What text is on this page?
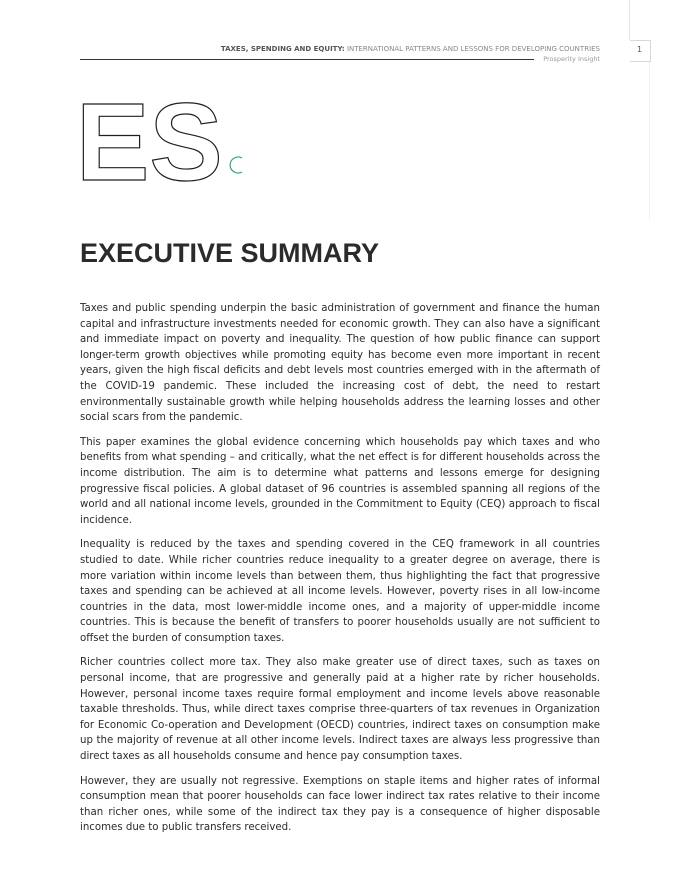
TAXES, SPENDING AND EQUITY: INTERNATIONAL PATTERNS AND LESSONS FOR DEVELOPING COUNTRIES
Prosperity Insight
1
ES
EXECUTIVE SUMMARY

Taxes and public spending underpin the basic administration of government and finance the human capital and infrastructure investments needed for economic growth. They can also have a significant and immediate impact on poverty and inequality. The question of how public finance can support longer-term growth objectives while promoting equity has become even more important in recent years, given the high fiscal deficits and debt levels most countries emerged with in the aftermath of the COVID-19 pandemic. These included the increasing cost of debt, the need to restart environmentally sustainable growth while helping households address the learning losses and other social scars from the pandemic.

This paper examines the global evidence concerning which households pay which taxes and who benefits from what spending – and critically, what the net effect is for different households across the income distribution. The aim is to determine what patterns and lessons emerge for designing progressive fiscal policies. A global dataset of 96 countries is assembled spanning all regions of the world and all national income levels, grounded in the Commitment to Equity (CEQ) approach to fiscal incidence.

Inequality is reduced by the taxes and spending covered in the CEQ framework in all countries studied to date. While richer countries reduce inequality to a greater degree on average, there is more variation within income levels than between them, thus highlighting the fact that progressive taxes and spending can be achieved at all income levels. However, poverty rises in all low-income countries in the data, most lower-middle income ones, and a majority of upper-middle income countries. This is because the benefit of transfers to poorer households usually are not sufficient to offset the burden of consumption taxes.

Richer countries collect more tax. They also make greater use of direct taxes, such as taxes on personal income, that are progressive and generally paid at a higher rate by richer households. However, personal income taxes require formal employment and income levels above reasonable taxable thresholds. Thus, while direct taxes comprise three-quarters of tax revenues in Organization for Economic Co-operation and Development (OECD) countries, indirect taxes on consumption make up the majority of revenue at all other income levels. Indirect taxes are always less progressive than direct taxes as all households consume and hence pay consumption taxes.

However, they are usually not regressive. Exemptions on staple items and higher rates of informal consumption mean that poorer households can face lower indirect tax rates relative to their income than richer ones, while some of the indirect tax they pay is a consequence of higher disposable incomes due to public transfers received.
